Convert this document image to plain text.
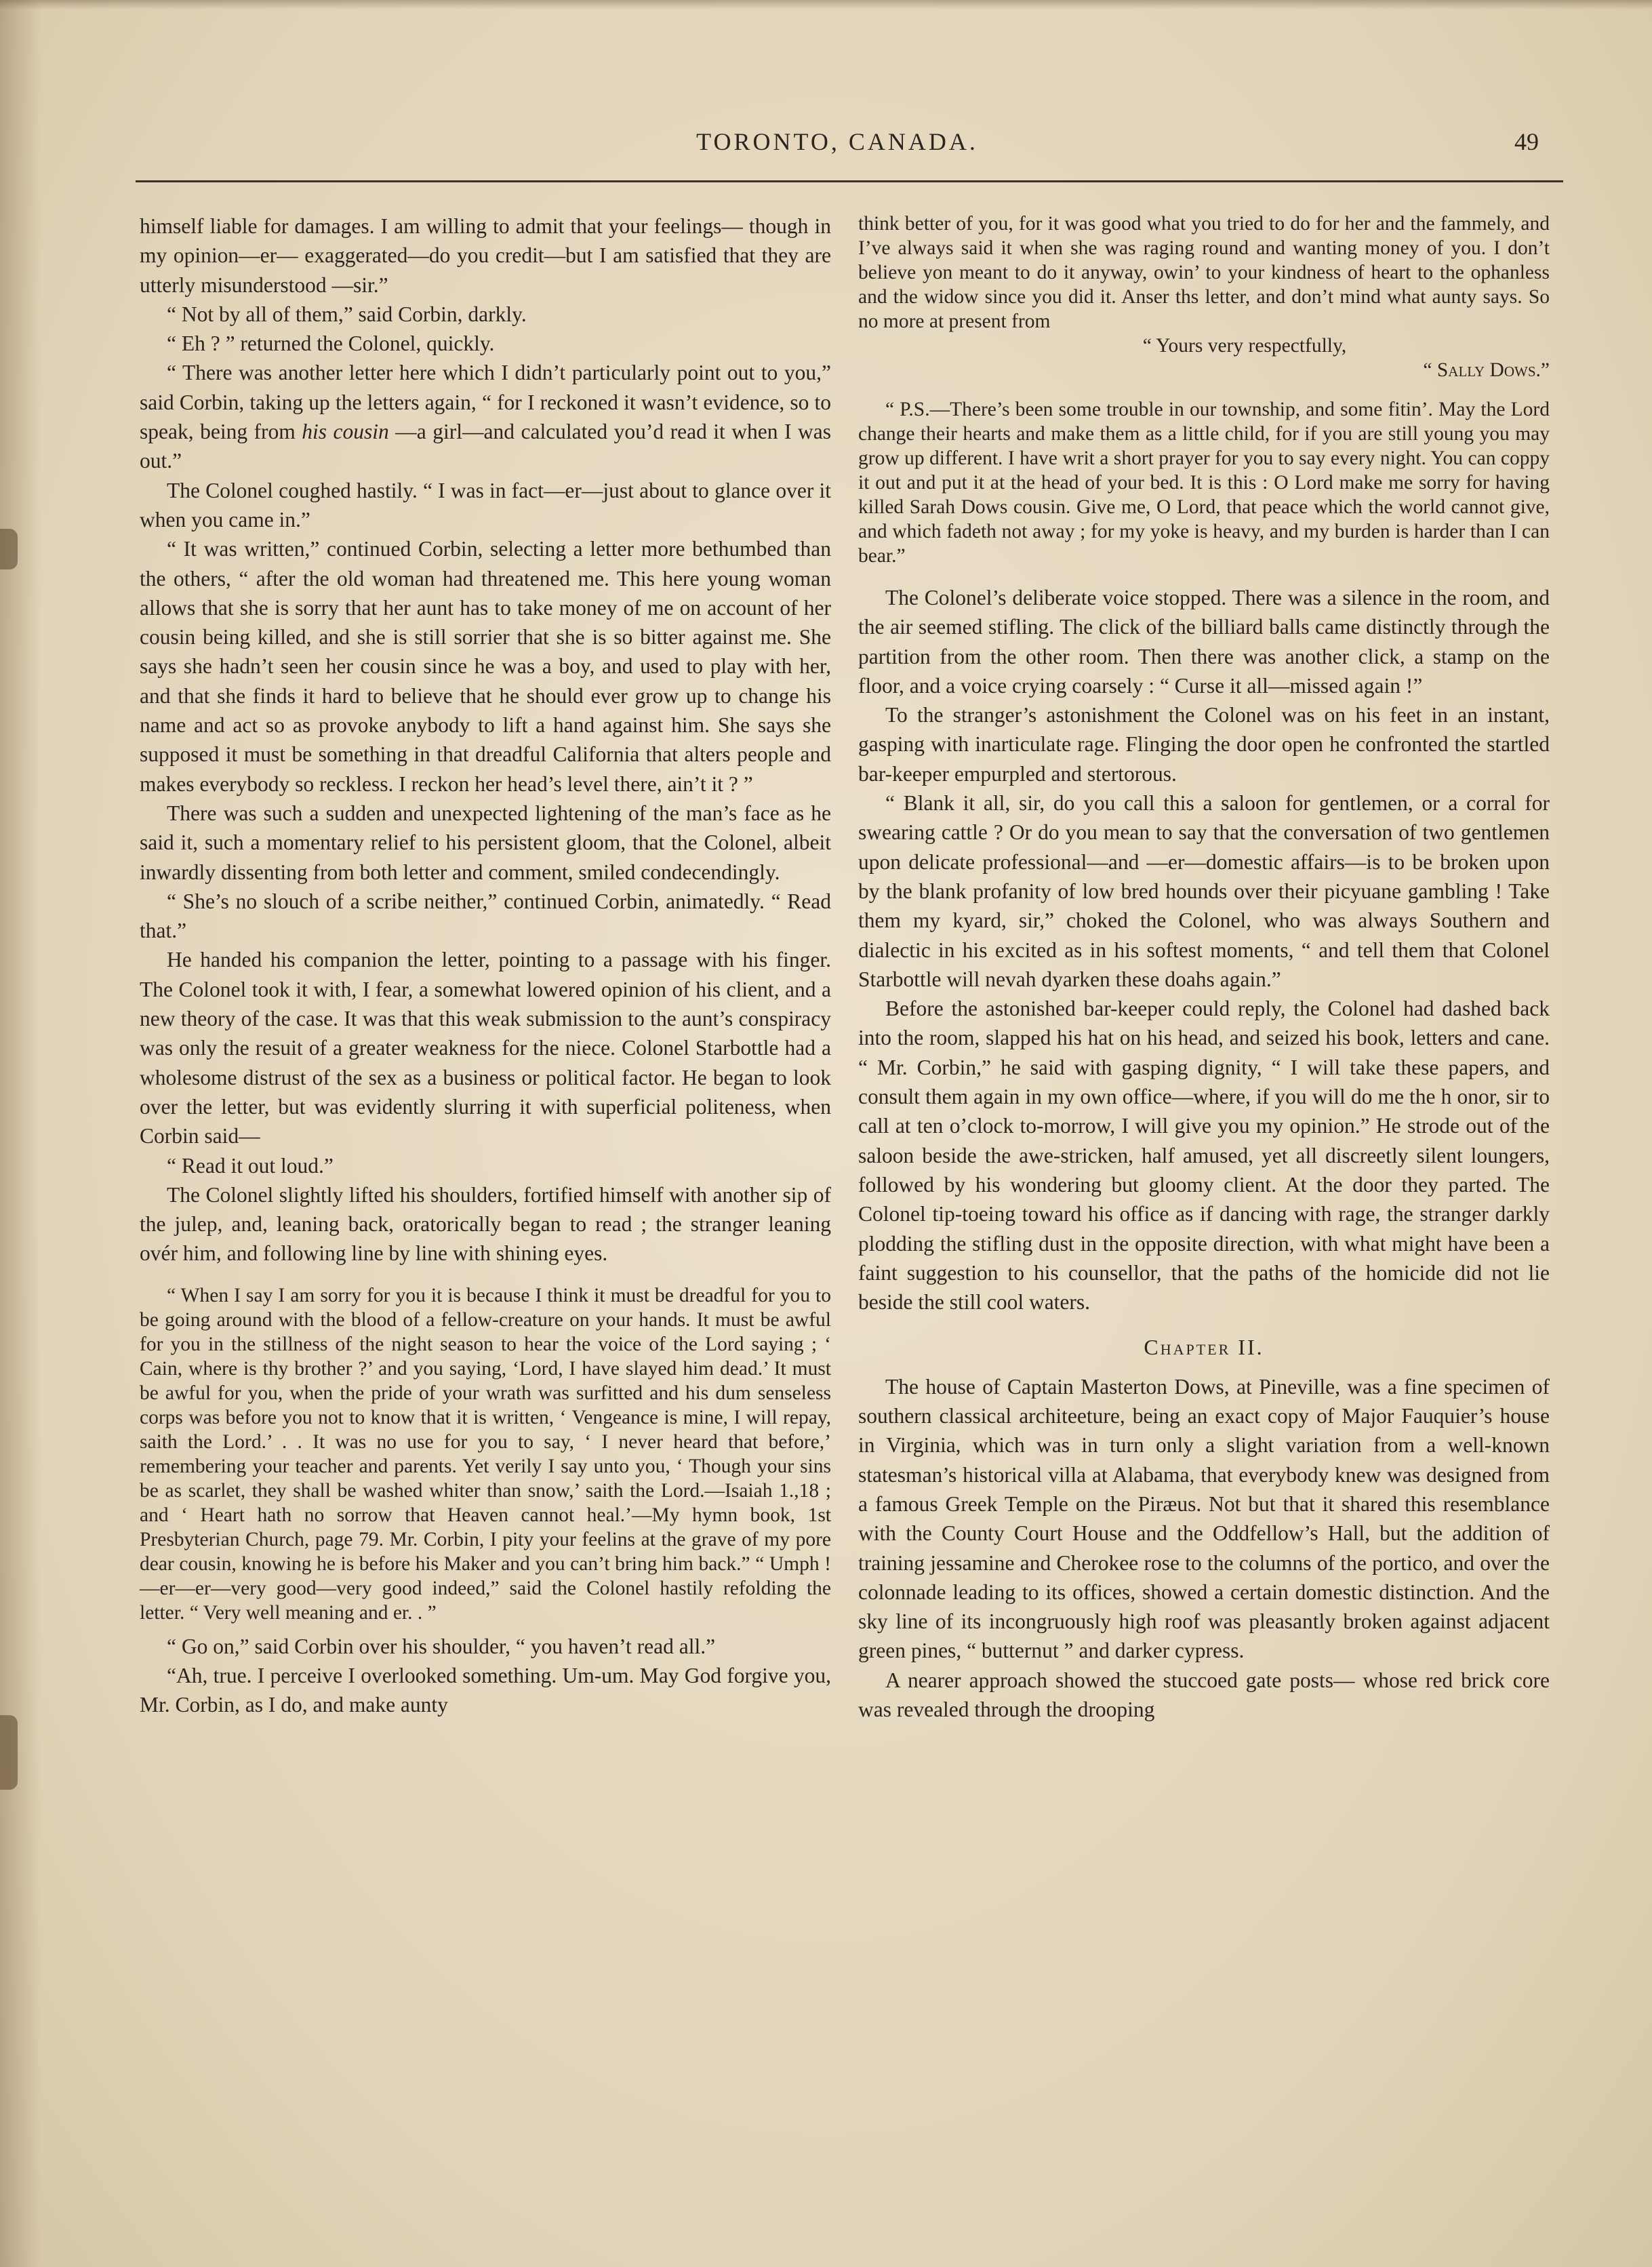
TORONTO, CANADA.	49

himself liable for damages. I am willing to admit that your feelings— though in my opinion—er— exaggerated—do you credit—but I am satisfied that they are utterly misunderstood —sir.”

“ Not by all of them,” said Corbin, darkly.

“ Eh ? ” returned the Colonel, quickly.

“ There was another letter here which I didn’t particularly point out to you,” said Corbin, taking up the letters again, “ for I reckoned it wasn’t evidence, so to speak, being from his cousin —a girl—and calculated you’d read it when I was out.”

The Colonel coughed hastily. “ I was in fact—er—just about to glance over it when you came in.”

“ It was written,” continued Corbin, selecting a letter more bethumbed than the others, “ after the old woman had threatened me. This here young woman allows that she is sorry that her aunt has to take money of me on account of her cousin being killed, and she is still sorrier that she is so bitter against me. She says she hadn’t seen her cousin since he was a boy, and used to play with her, and that she finds it hard to believe that he should ever grow up to change his name and act so as provoke anybody to lift a hand against him. She says she supposed it must be something in that dreadful California that alters people and makes everybody so reckless. I reckon her head’s level there, ain’t it ? ”

There was such a sudden and unexpected lightening of the man’s face as he said it, such a momentary relief to his persistent gloom, that the Colonel, albeit inwardly dissenting from both letter and comment, smiled condecendingly.

“ She’s no slouch of a scribe neither,” continued Corbin, animatedly. “ Read that.”

He handed his companion the letter, pointing to a passage with his finger. The Colonel took it with, I fear, a somewhat lowered opinion of his client, and a new theory of the case. It was that this weak submission to the aunt’s conspiracy was only the resuit of a greater weakness for the niece. Colonel Starbottle had a wholesome distrust of the sex as a business or political factor. He began to look over the letter, but was evidently slurring it with superficial politeness, when Corbin said—

“ Read it out loud.”

The Colonel slightly lifted his shoulders, fortified himself with another sip of the julep, and, leaning back, oratorically began to read ; the stranger leaning ovér him, and following line by line with shining eyes.

“ When I say I am sorry for you it is because I think it must be dreadful for you to be going around with the blood of a fellow-creature on your hands. It must be awful for you in the stillness of the night season to hear the voice of the Lord saying ; ‘ Cain, where is thy brother ?’ and you saying, ‘Lord, I have slayed him dead.’ It must be awful for you, when the pride of your wrath was surfitted and his dum senseless corps was before you not to know that it is written, ‘ Vengeance is mine, I will repay, saith the Lord.’ . . It was no use for you to say, ‘ I never heard that before,’ remembering your teacher and parents. Yet verily I say unto you, ‘ Though your sins be as scarlet, they shall be washed whiter than snow,’ saith the Lord.—Isaiah 1.,18 ; and ‘ Heart hath no sorrow that Heaven cannot heal.’—My hymn book, 1st Presbyterian Church, page 79. Mr. Corbin, I pity your feelins at the grave of my pore dear cousin, knowing he is before his Maker and you can’t bring him back.” “ Umph ! —er—er—very good—very good indeed,” said the Colonel hastily refolding the letter. “ Very well meaning and er. . ”

“ Go on,” said Corbin over his shoulder, “ you haven’t read all.”

“Ah, true. I perceive I overlooked something. Um-um. May God forgive you, Mr. Corbin, as I do, and make aunty

think better of you, for it was good what you tried to do for her and the fammely, and I’ve always said it when she was raging round and wanting money of you. I don’t believe yon meant to do it anyway, owin’ to your kindness of heart to the ophanless and the widow since you did it. Anser ths letter, and don’t mind what aunty says. So no more at present from

“ Yours very respectfully,

“ Sally Dows.”

“ P.S.—There’s been some trouble in our township, and some fitin’. May the Lord change their hearts and make them as a little child, for if you are still young you may grow up different. I have writ a short prayer for you to say every night. You can coppy it out and put it at the head of your bed. It is this : O Lord make me sorry for having killed Sarah Dows cousin. Give me, O Lord, that peace which the world cannot give, and which fadeth not away ; for my yoke is heavy, and my burden is harder than I can bear.”

The Colonel’s deliberate voice stopped. There was a silence in the room, and the air seemed stifling. The click of the billiard balls came distinctly through the partition from the other room. Then there was another click, a stamp on the floor, and a voice crying coarsely : “ Curse it all—missed again !”

To the stranger’s astonishment the Colonel was on his feet in an instant, gasping with inarticulate rage. Flinging the door open he confronted the startled bar-keeper empurpled and stertorous.

“ Blank it all, sir, do you call this a saloon for gentlemen, or a corral for swearing cattle ? Or do you mean to say that the conversation of two gentlemen upon delicate professional—and —er—domestic affairs—is to be broken upon by the blank profanity of low bred hounds over their picyuane gambling ! Take them my kyard, sir,” choked the Colonel, who was always Southern and dialectic in his excited as in his softest moments, “ and tell them that Colonel Starbottle will nevah dyarken these doahs again.”

Before the astonished bar-keeper could reply, the Colonel had dashed back into the room, slapped his hat on his head, and seized his book, letters and cane. “ Mr. Corbin,” he said with gasping dignity, “ I will take these papers, and consult them again in my own office—where, if you will do me the h onor, sir to call at ten o’clock to-morrow, I will give you my opinion.” He strode out of the saloon beside the awe-stricken, half amused, yet all discreetly silent loungers, followed by his wondering but gloomy client. At the door they parted. The Colonel tip-toeing toward his office as if dancing with rage, the stranger darkly plodding the stifling dust in the opposite direction, with what might have been a faint suggestion to his counsellor, that the paths of the homicide did not lie beside the still cool waters.

Chapter II.

The house of Captain Masterton Dows, at Pineville, was a fine specimen of southern classical architeeture, being an exact copy of Major Fauquier’s house in Virginia, which was in turn only a slight variation from a well-known statesman’s historical villa at Alabama, that everybody knew was designed from a famous Greek Temple on the Piræus. Not but that it shared this resemblance with the County Court House and the Oddfellow’s Hall, but the addition of training jessamine and Cherokee rose to the columns of the portico, and over the colonnade leading to its offices, showed a certain domestic distinction. And the sky line of its incongruously high roof was pleasantly broken against adjacent green pines, “ butternut ” and darker cypress.

A nearer approach showed the stuccoed gate posts— whose red brick core was revealed through the drooping
